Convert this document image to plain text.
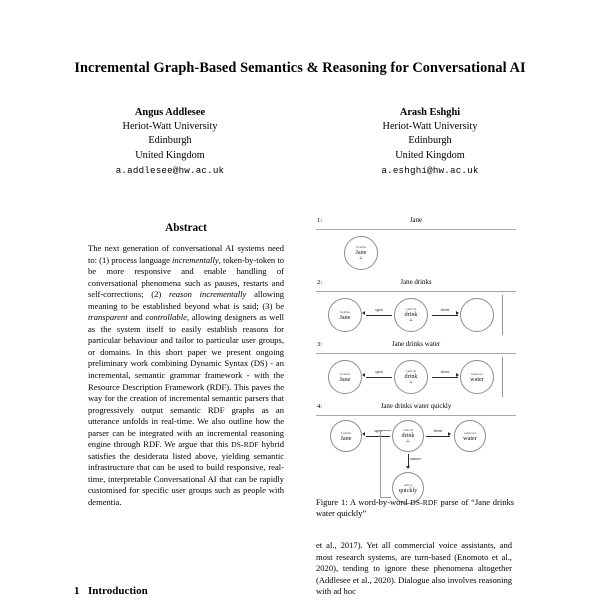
Incremental Graph-Based Semantics & Reasoning for Conversational AI
Angus Addlesee
Heriot-Watt University
Edinburgh
United Kingdom
a.addlesee@hw.ac.uk
Arash Eshghi
Heriot-Watt University
Edinburgh
United Kingdom
a.eshghi@hw.ac.uk
Abstract

The next generation of conversational AI systems need to: (1) process language incrementally, token-by-token to be more responsive and enable handling of conversational phenomena such as pauses, restarts and self-corrections; (2) reason incrementally allowing meaning to be established beyond what is said; (3) be transparent and controllable, allowing designers as well as the system itself to easily establish reasons for particular behaviour and tailor to particular user groups, or domains. In this short paper we present ongoing preliminary work combining Dynamic Syntax (DS) - an incremental, semantic grammar framework - with the Resource Description Framework (RDF). This paves the way for the creation of incremental semantic parsers that progressively output semantic RDF graphs as an utterance unfolds in real-time. We also outline how the parser can be integrated with an incremental reasoning engine through RDF. We argue that this DS-RDF hybrid satisfies the desiderata listed above, yielding semantic infrastructure that can be used to build responsive, real-time, interpretable Conversational AI that can be rapidly customised for specific user groups such as people with dementia.

1 Introduction
1:	Jane
foaf:na
Jane
⊥
2:	Jane drinks
foaf:na
Jane
verb:dr
drink
⊥
agent	theme
3:	Jane drinks water
foaf:na
Jane
verb:dr
drink
⊥
noun:wa
water
agent	theme
4:	Jane drinks water quickly
foaf:na
Jane
verb:dr
drink
⊥
noun:wa
water
adv:q
quickly
agent	theme
manner
Figure 1: A word-by-word DS-RDF parse of “Jane drinks water quickly”

et al., 2017). Yet all commercial voice assistants, and most research systems, are turn-based (Enomoto et al., 2020), tending to ignore these phenomena altogether (Addlesee et al., 2020). Dialogue also involves reasoning with ad hoc
